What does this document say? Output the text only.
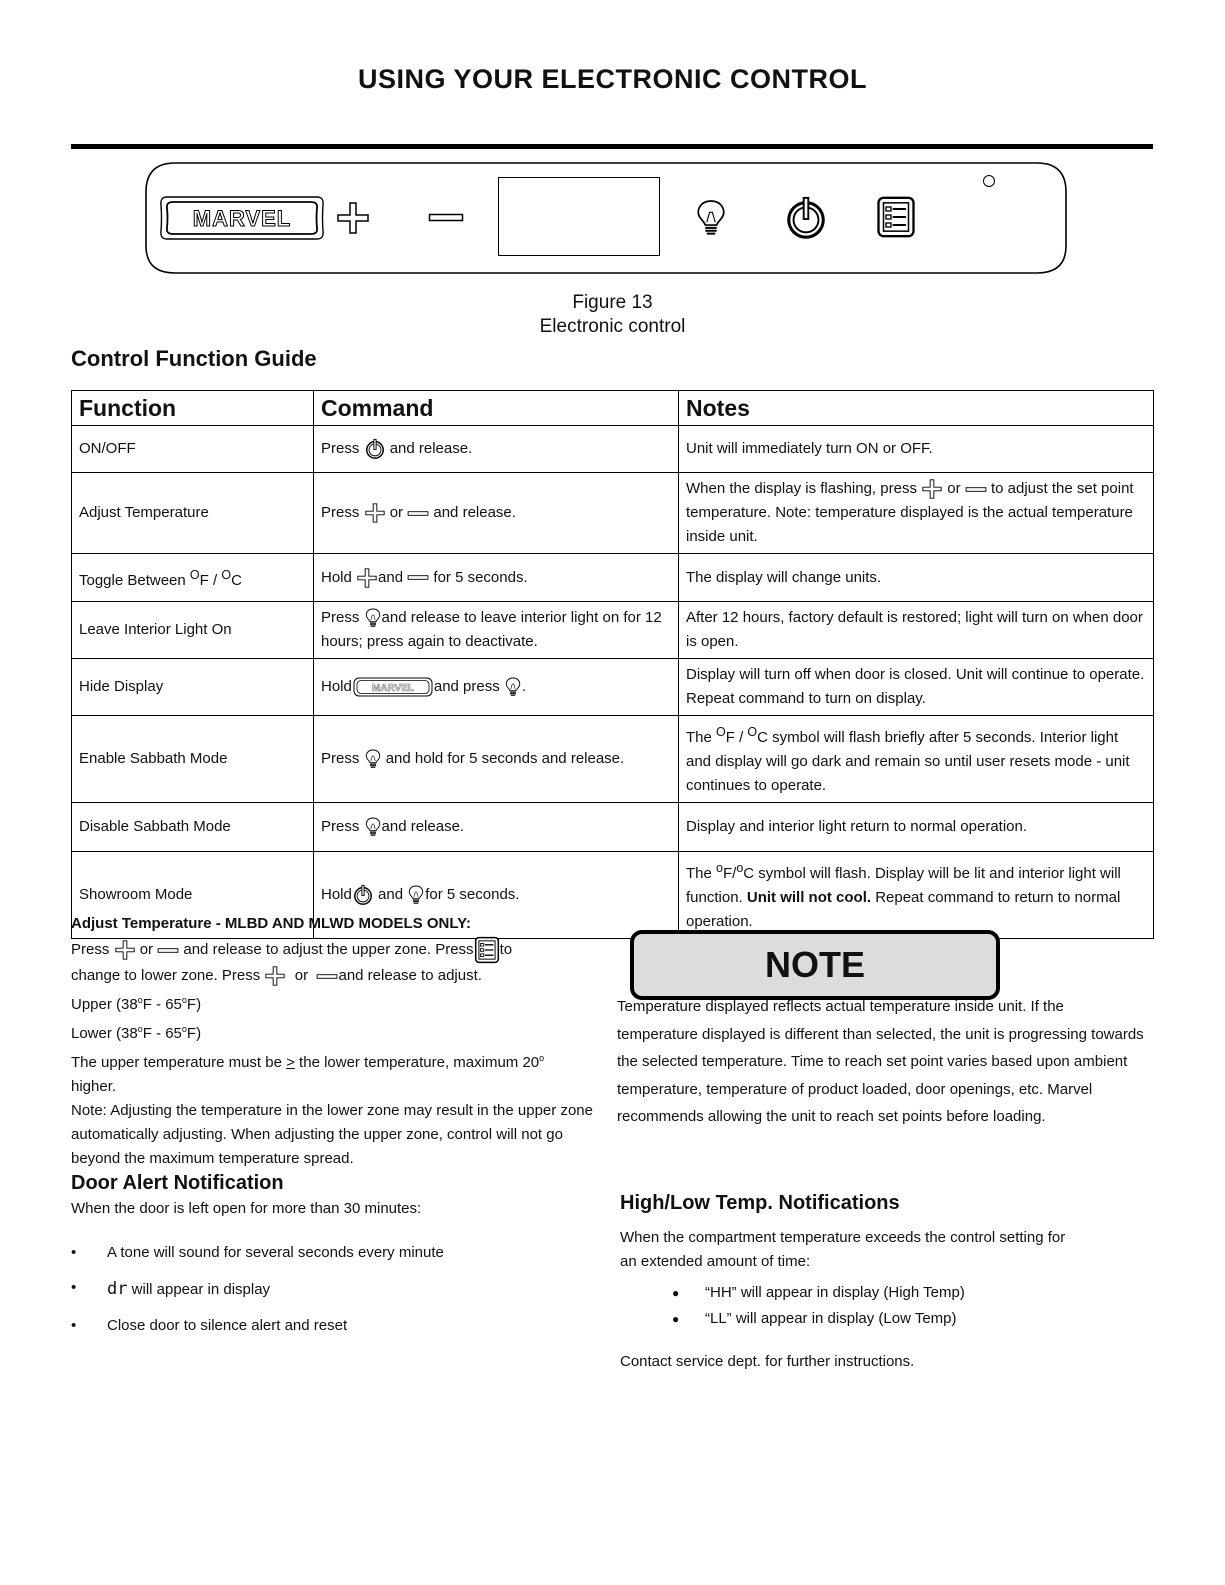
USING YOUR ELECTRONIC CONTROL
MARVEL
Figure 13
Electronic control
Control Function Guide
Function	Command	Notes
ON/OFF	Press and release.	Unit will immediately turn ON or OFF.
Adjust Temperature	Press or and release.	When the display is flashing, press or to adjust the set point temperature. Note: temperature displayed is the actual temperature inside unit.
Toggle Between $^O$F / $^O$C	Hold and for 5 seconds.	The display will change units.
Leave Interior Light On	Press and release to leave interior light on for 12 hours; press again to deactivate.	After 12 hours, factory default is restored; light will turn on when door is open.
Hide Display	Hold MARVEL and press .	Display will turn off when door is closed. Unit will continue to operate. Repeat command to turn on display.
Enable Sabbath Mode	Press and hold for 5 seconds and release.	The $^O$F / $^O$C symbol will flash briefly after 5 seconds. Interior light and display will go dark and remain so until user resets mode - unit continues to operate.
Disable Sabbath Mode	Press and release.	Display and interior light return to normal operation.
Showroom Mode	Hold and for 5 seconds.	The $^o$F/$^o$C symbol will flash. Display will be lit and interior light will function. Unit will not cool. Repeat command to return to normal operation.
Adjust Temperature - MLBD AND MLWD MODELS ONLY:
Press or and release to adjust the upper zone. Press to
change to lower zone. Press or and release to adjust.
Upper (38$^o$F - 65$^o$F)
Lower (38$^o$F - 65$^o$F)
The upper temperature must be > the lower temperature, maximum 20$^o$
higher.
Note: Adjusting the temperature in the lower zone may result in the upper zone automatically adjusting. When adjusting the upper zone, control will not go beyond the maximum temperature spread.
Door Alert Notification
When the door is left open for more than 30 minutes:
• A tone will sound for several seconds every minute
• dr will appear in display
• Close door to silence alert and reset
NOTE
Temperature displayed reflects actual temperature inside unit. If the temperature displayed is different than selected, the unit is progressing towards the selected temperature. Time to reach set point varies based upon ambient temperature, temperature of product loaded, door openings, etc. Marvel recommends allowing the unit to reach set points before loading.
High/Low Temp. Notifications
When the compartment temperature exceeds the control setting for an extended amount of time:
● “HH” will appear in display (High Temp)
● “LL” will appear in display (Low Temp)
Contact service dept. for further instructions.
